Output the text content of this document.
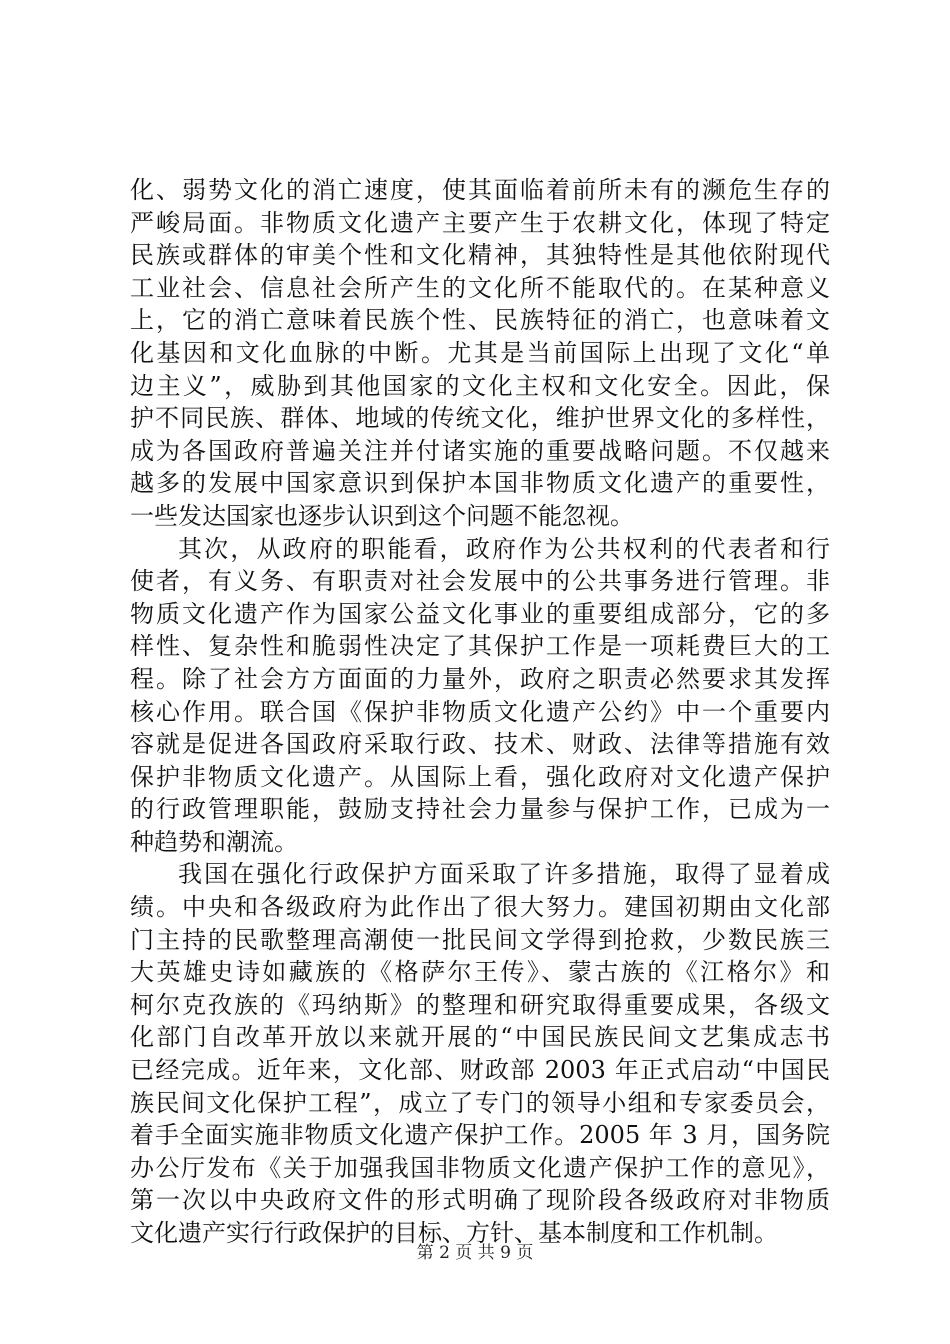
化、弱势文化的消亡速度，使其面临着前所未有的濒危生存的
严峻局面。非物质文化遗产主要产生于农耕文化，体现了特定
民族或群体的审美个性和文化精神，其独特性是其他依附现代
工业社会、信息社会所产生的文化所不能取代的。在某种意义
上，它的消亡意味着民族个性、民族特征的消亡，也意味着文
化基因和文化血脉的中断。尤其是当前国际上出现了文化“单
边主义”，威胁到其他国家的文化主权和文化安全。因此，保
护不同民族、群体、地域的传统文化，维护世界文化的多样性，
成为各国政府普遍关注并付诸实施的重要战略问题。不仅越来
越多的发展中国家意识到保护本国非物质文化遗产的重要性，
一些发达国家也逐步认识到这个问题不能忽视。
其次，从政府的职能看，政府作为公共权利的代表者和行
使者，有义务、有职责对社会发展中的公共事务进行管理。非
物质文化遗产作为国家公益文化事业的重要组成部分，它的多
样性、复杂性和脆弱性决定了其保护工作是一项耗费巨大的工
程。除了社会方方面面的力量外，政府之职责必然要求其发挥
核心作用。联合国《保护非物质文化遗产公约》中一个重要内
容就是促进各国政府采取行政、技术、财政、法律等措施有效
保护非物质文化遗产。从国际上看，强化政府对文化遗产保护
的行政管理职能，鼓励支持社会力量参与保护工作，已成为一
种趋势和潮流。
我国在强化行政保护方面采取了许多措施，取得了显着成
绩。中央和各级政府为此作出了很大努力。建国初期由文化部
门主持的民歌整理高潮使一批民间文学得到抢救，少数民族三
大英雄史诗如藏族的《格萨尔王传》、蒙古族的《江格尔》和
柯尔克孜族的《玛纳斯》的整理和研究取得重要成果，各级文
化部门自改革开放以来就开展的“中国民族民间文艺集成志书
已经完成。近年来，文化部、财政部 2003 年正式启动“中国民
族民间文化保护工程”，成立了专门的领导小组和专家委员会，
着手全面实施非物质文化遗产保护工作。2005 年 3 月，国务院
办公厅发布《关于加强我国非物质文化遗产保护工作的意见》，
第一次以中央政府文件的形式明确了现阶段各级政府对非物质
文化遗产实行行政保护的目标、方针、基本制度和工作机制。
第 2 页 共 9 页
